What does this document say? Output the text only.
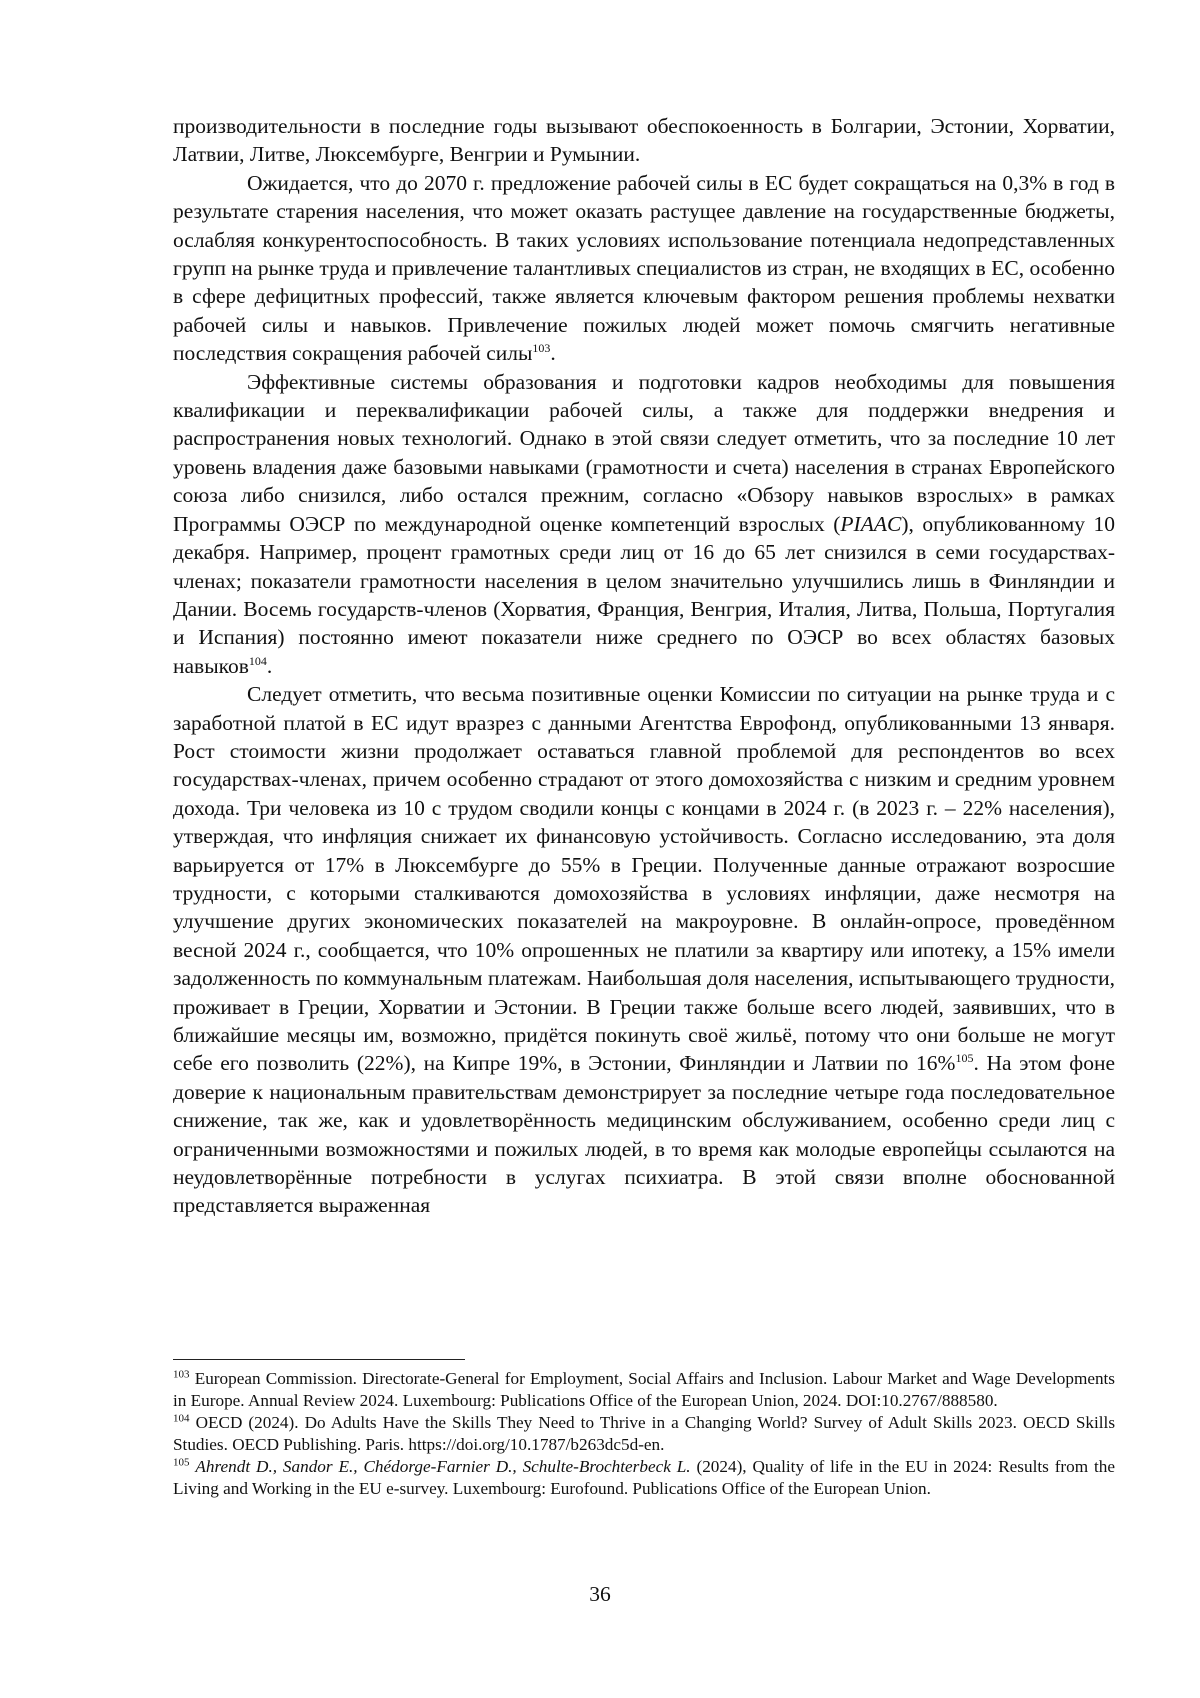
производительности в последние годы вызывают обеспокоенность в Болгарии, Эстонии, Хорватии, Латвии, Литве, Люксембурге, Венгрии и Румынии.

Ожидается, что до 2070 г. предложение рабочей силы в ЕС будет сокращаться на 0,3% в год в результате старения населения, что может оказать растущее давление на государственные бюджеты, ослабляя конкурентоспособность. В таких условиях использование потенциала недопредставленных групп на рынке труда и привлечение талантливых специалистов из стран, не входящих в ЕС, особенно в сфере дефицитных профессий, также является ключевым фактором решения проблемы нехватки рабочей силы и навыков. Привлечение пожилых людей может помочь смягчить негативные последствия сокращения рабочей силы$^{103}$.

Эффективные системы образования и подготовки кадров необходимы для повышения квалификации и переквалификации рабочей силы, а также для поддержки внедрения и распространения новых технологий. Однако в этой связи следует отметить, что за последние 10 лет уровень владения даже базовыми навыками (грамотности и счета) населения в странах Европейского союза либо снизился, либо остался прежним, согласно «Обзору навыков взрослых» в рамках Программы ОЭСР по международной оценке компетенций взрослых (PIAAC), опубликованному 10 декабря. Например, процент грамотных среди лиц от 16 до 65 лет снизился в семи государствах-членах; показатели грамотности населения в целом значительно улучшились лишь в Финляндии и Дании. Восемь государств-членов (Хорватия, Франция, Венгрия, Италия, Литва, Польша, Португалия и Испания) постоянно имеют показатели ниже среднего по ОЭСР во всех областях базовых навыков$^{104}$.

Следует отметить, что весьма позитивные оценки Комиссии по ситуации на рынке труда и с заработной платой в ЕС идут вразрез с данными Агентства Еврофонд, опубликованными 13 января. Рост стоимости жизни продолжает оставаться главной проблемой для респондентов во всех государствах-членах, причем особенно страдают от этого домохозяйства с низким и средним уровнем дохода. Три человека из 10 с трудом сводили концы с концами в 2024 г. (в 2023 г. – 22% населения), утверждая, что инфляция снижает их финансовую устойчивость. Согласно исследованию, эта доля варьируется от 17% в Люксембурге до 55% в Греции. Полученные данные отражают возросшие трудности, с которыми сталкиваются домохозяйства в условиях инфляции, даже несмотря на улучшение других экономических показателей на макроуровне. В онлайн-опросе, проведённом весной 2024 г., сообщается, что 10% опрошенных не платили за квартиру или ипотеку, а 15% имели задолженность по коммунальным платежам. Наибольшая доля населения, испытывающего трудности, проживает в Греции, Хорватии и Эстонии. В Греции также больше всего людей, заявивших, что в ближайшие месяцы им, возможно, придётся покинуть своё жильё, потому что они больше не могут себе его позволить (22%), на Кипре 19%, в Эстонии, Финляндии и Латвии по 16%$^{105}$. На этом фоне доверие к национальным правительствам демонстрирует за последние четыре года последовательное снижение, так же, как и удовлетворённость медицинским обслуживанием, особенно среди лиц с ограниченными возможностями и пожилых людей, в то время как молодые европейцы ссылаются на неудовлетворённые потребности в услугах психиатра. В этой связи вполне обоснованной представляется выраженная

$^{103}$ European Commission. Directorate-General for Employment, Social Affairs and Inclusion. Labour Market and Wage Developments in Europe. Annual Review 2024. Luxembourg: Publications Office of the European Union, 2024. DOI:10.2767/888580.

$^{104}$ OECD (2024). Do Adults Have the Skills They Need to Thrive in a Changing World? Survey of Adult Skills 2023. OECD Skills Studies. OECD Publishing. Paris. https://doi.org/10.1787/b263dc5d-en.

$^{105}$ Ahrendt D., Sandor E., Chédorge-Farnier D., Schulte-Brochterbeck L. (2024), Quality of life in the EU in 2024: Results from the Living and Working in the EU e-survey. Luxembourg: Eurofound. Publications Office of the European Union.

36
